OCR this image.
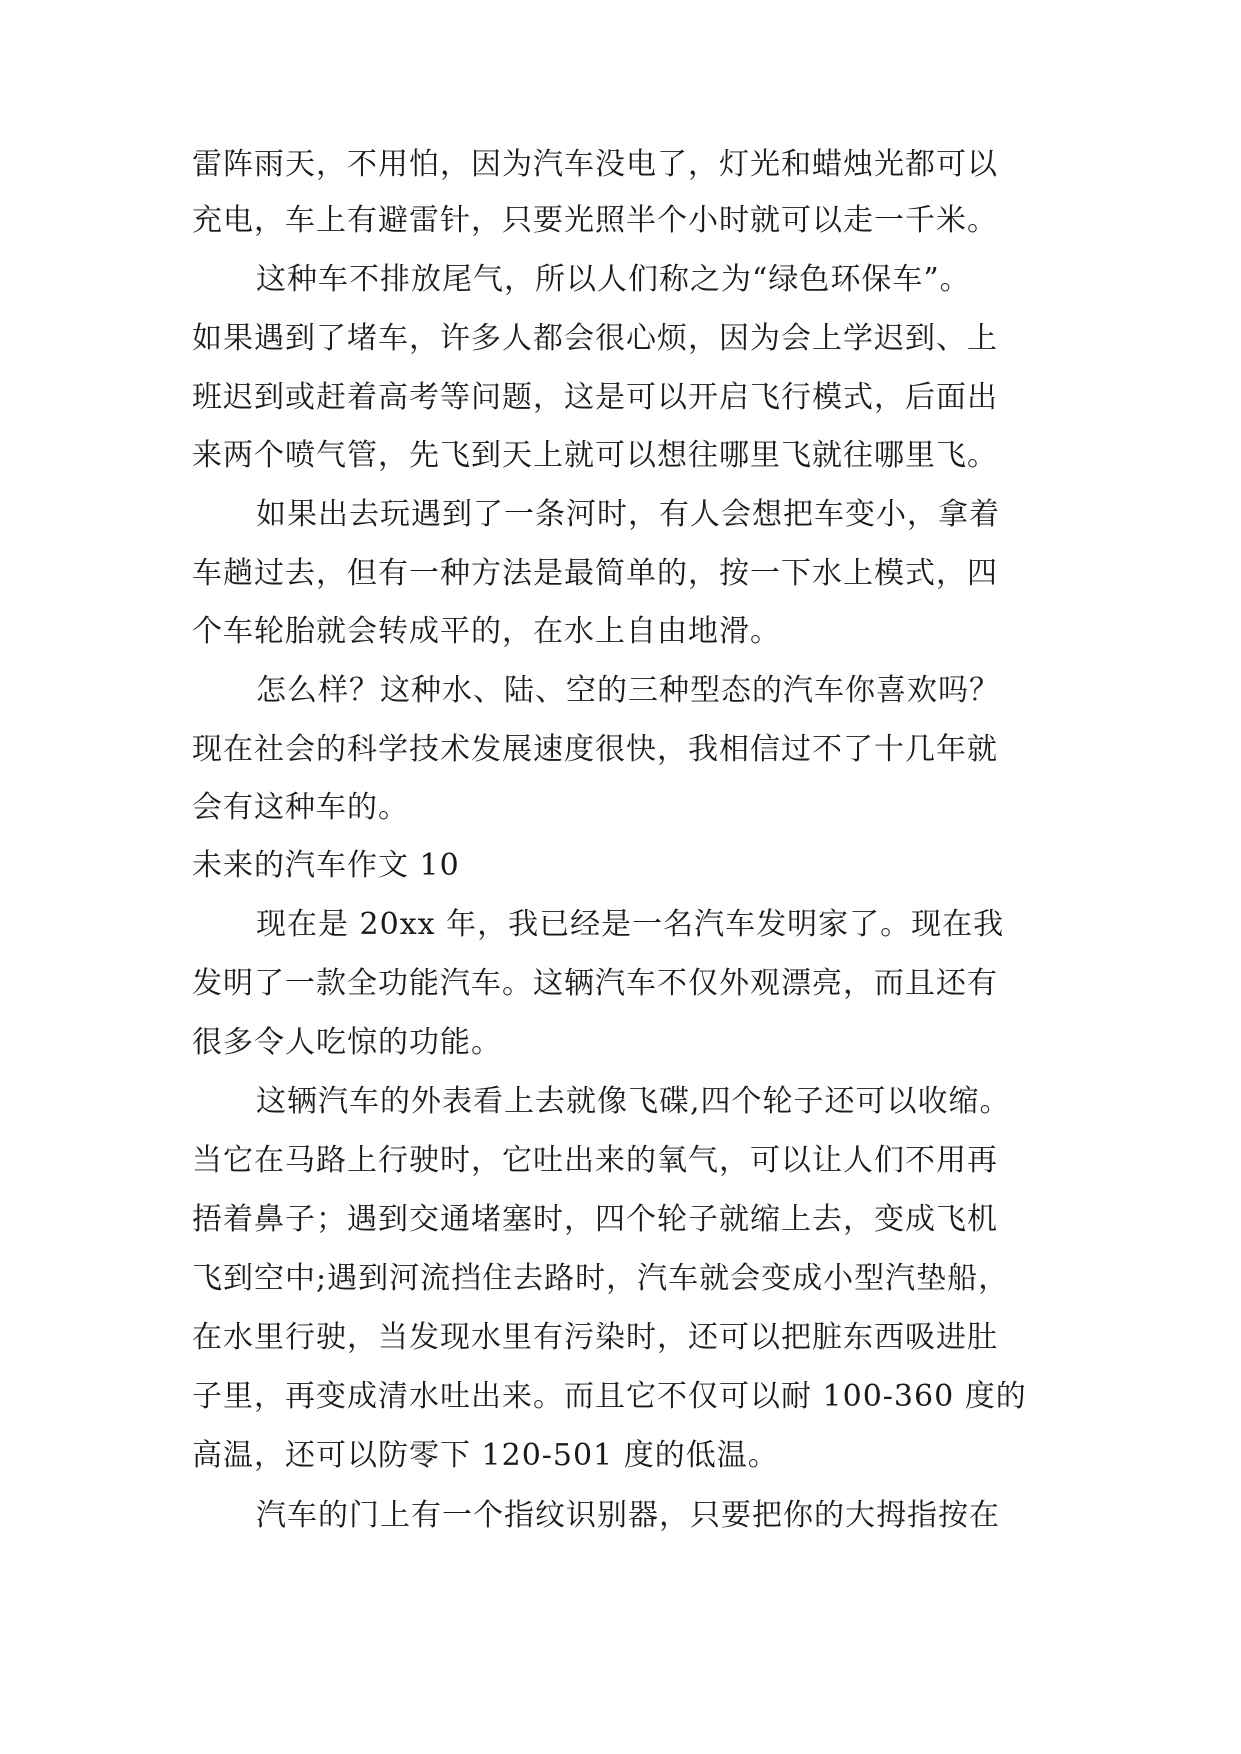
雷阵雨天，不用怕，因为汽车没电了，灯光和蜡烛光都可以
充电，车上有避雷针，只要光照半个小时就可以走一千米。
这种车不排放尾气，所以人们称之为“绿色环保车”。
如果遇到了堵车，许多人都会很心烦，因为会上学迟到、上
班迟到或赶着高考等问题，这是可以开启飞行模式，后面出
来两个喷气管，先飞到天上就可以想往哪里飞就往哪里飞。
如果出去玩遇到了一条河时，有人会想把车变小，拿着
车趟过去，但有一种方法是最简单的，按一下水上模式，四
个车轮胎就会转成平的，在水上自由地滑。
怎么样？这种水、陆、空的三种型态的汽车你喜欢吗？
现在社会的科学技术发展速度很快，我相信过不了十几年就
会有这种车的。
未来的汽车作文 10
现在是 20xx 年，我已经是一名汽车发明家了。现在我
发明了一款全功能汽车。这辆汽车不仅外观漂亮，而且还有
很多令人吃惊的功能。
这辆汽车的外表看上去就像飞碟,四个轮子还可以收缩。
当它在马路上行驶时，它吐出来的氧气，可以让人们不用再
捂着鼻子；遇到交通堵塞时，四个轮子就缩上去，变成飞机
飞到空中;遇到河流挡住去路时，汽车就会变成小型汽垫船，
在水里行驶，当发现水里有污染时，还可以把脏东西吸进肚
子里，再变成清水吐出来。而且它不仅可以耐 100-360 度的
高温，还可以防零下 120-501 度的低温。
汽车的门上有一个指纹识别器，只要把你的大拇指按在
